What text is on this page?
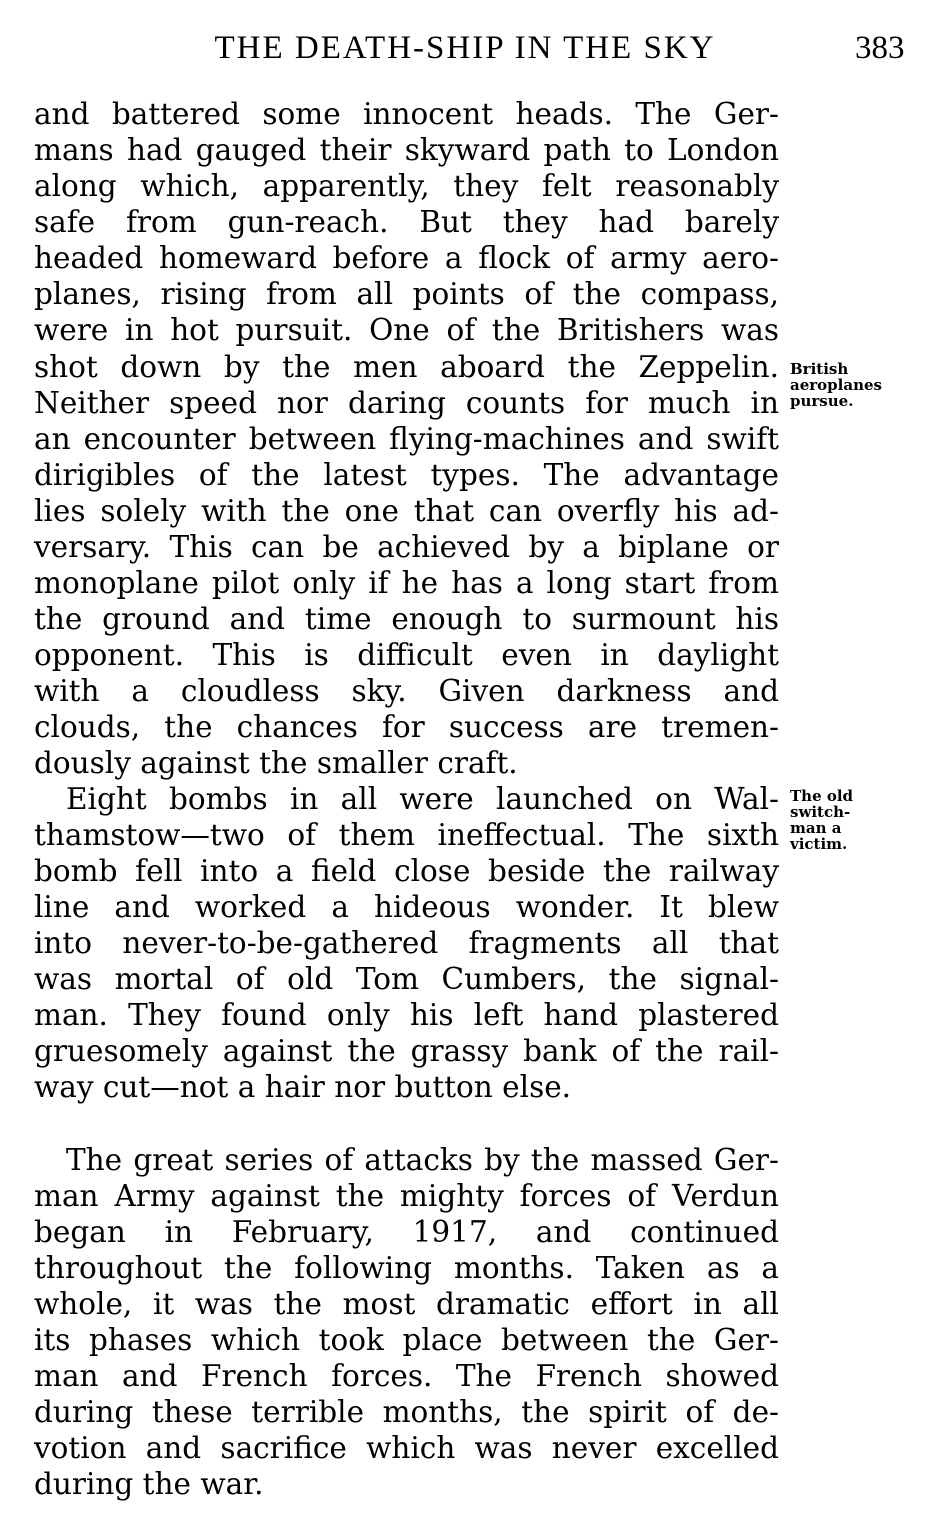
THE DEATH-SHIP IN THE SKY	383
and battered some innocent heads. The Ger-
mans had gauged their skyward path to London
along which, apparently, they felt reasonably
safe from gun-reach. But they had barely
headed homeward before a flock of army aero-
planes, rising from all points of the compass,
were in hot pursuit. One of the Britishers was
shot down by the men aboard the Zeppelin.
Neither speed nor daring counts for much in
an encounter between flying-machines and swift
dirigibles of the latest types. The advantage
lies solely with the one that can overfly his ad-
versary. This can be achieved by a biplane or
monoplane pilot only if he has a long start from
the ground and time enough to surmount his
opponent. This is difficult even in daylight
with a cloudless sky. Given darkness and
clouds, the chances for success are tremen-
dously against the smaller craft.
Eight bombs in all were launched on Wal-
thamstow—two of them ineffectual. The sixth
bomb fell into a field close beside the railway
line and worked a hideous wonder. It blew
into never-to-be-gathered fragments all that
was mortal of old Tom Cumbers, the signal-
man. They found only his left hand plastered
gruesomely against the grassy bank of the rail-
way cut—not a hair nor button else.
The great series of attacks by the massed Ger-
man Army against the mighty forces of Verdun
began in February, 1917, and continued
throughout the following months. Taken as a
whole, it was the most dramatic effort in all
its phases which took place between the Ger-
man and French forces. The French showed
during these terrible months, the spirit of de-
votion and sacrifice which was never excelled
during the war.
British
aeroplanes
pursue.
The old
switch-
man a
victim.
